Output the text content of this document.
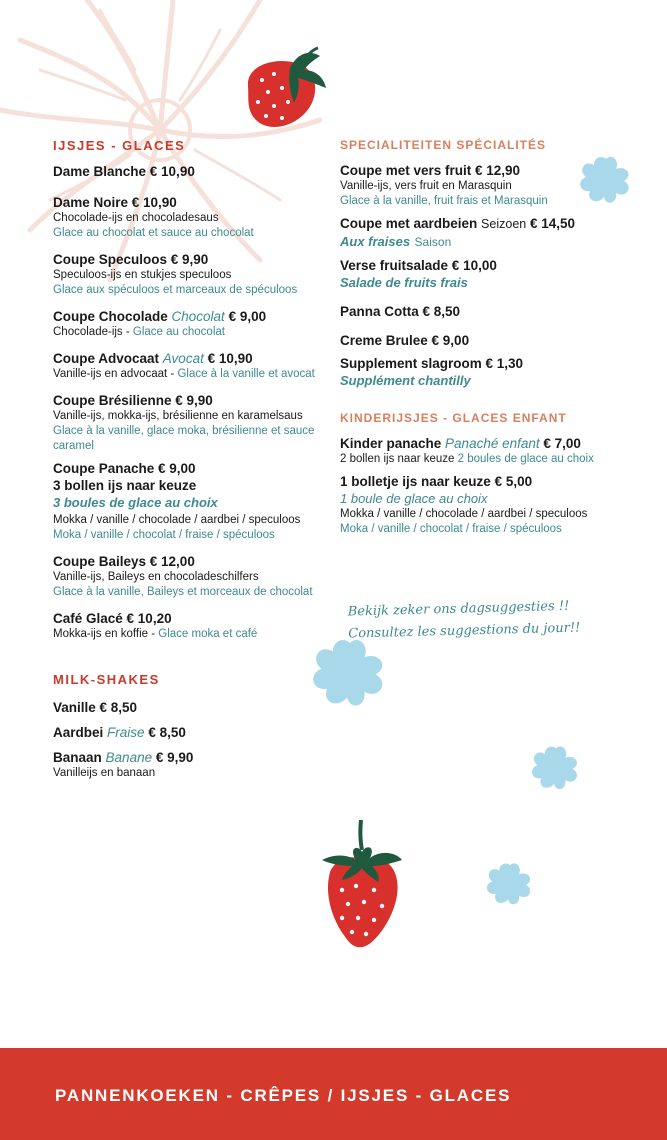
IJSJES - GLACES
Dame Blanche € 10,90
Dame Noire € 10,90
Chocolade-ijs en chocoladesaus
Glace au chocolat et sauce au chocolat
Coupe Speculoos € 9,90
Speculoos-ijs en stukjes speculoos
Glace aux spéculoos et marceaux de spéculoos
Coupe Chocolade Chocolat € 9,00
Chocolade-ijs - Glace au chocolat
Coupe Advocaat Avocat € 10,90
Vanille-ijs en advocaat - Glace à la vanille et avocat
Coupe Brésilienne € 9,90
Vanille-ijs, mokka-ijs, brésilienne en karamelsaus
Glace à la vanille, glace moka, brésilienne et sauce caramel
Coupe Panache € 9,00
3 bollen ijs naar keuze
3 boules de glace au choix
Mokka / vanille / chocolade / aardbei / speculoos
Moka / vanille / chocolat / fraise / spéculoos
Coupe Baileys € 12,00
Vanille-ijs, Baileys en chocoladeschilfers
Glace à la vanille, Baileys et morceaux de chocolat
Café Glacé € 10,20
Mokka-ijs en koffie - Glace moka et café
MILK-SHAKES
Vanille € 8,50
Aardbei Fraise € 8,50
Banaan Banane € 9,90
Vanilleijs en banaan
SPECIALITEITEN SPÉCIALITÉS
Coupe met vers fruit € 12,90
Vanille-ijs, vers fruit en Marasquin
Glace à la vanille, fruit frais et Marasquin
Coupe met aardbeien Seizoen € 14,50
Aux fraises Saison
Verse fruitsalade € 10,00
Salade de fruits frais
Panna Cotta € 8,50
Creme Brulee € 9,00
Supplement slagroom € 1,30
Supplément chantilly
KINDERIJSJES - GLACES ENFANT
Kinder panache Panaché enfant € 7,00
2 bollen ijs naar keuze 2 boules de glace au choix
1 bolletje ijs naar keuze € 5,00
1 boule de glace au choix
Mokka / vanille / chocolade / aardbei / speculoos
Moka / vanille / chocolat / fraise / spéculoos
Bekijk zeker ons dagsuggesties !!
Consultez les suggestions du jour!!
PANNENKOEKEN - CRÊPES / IJSJES - GLACES
